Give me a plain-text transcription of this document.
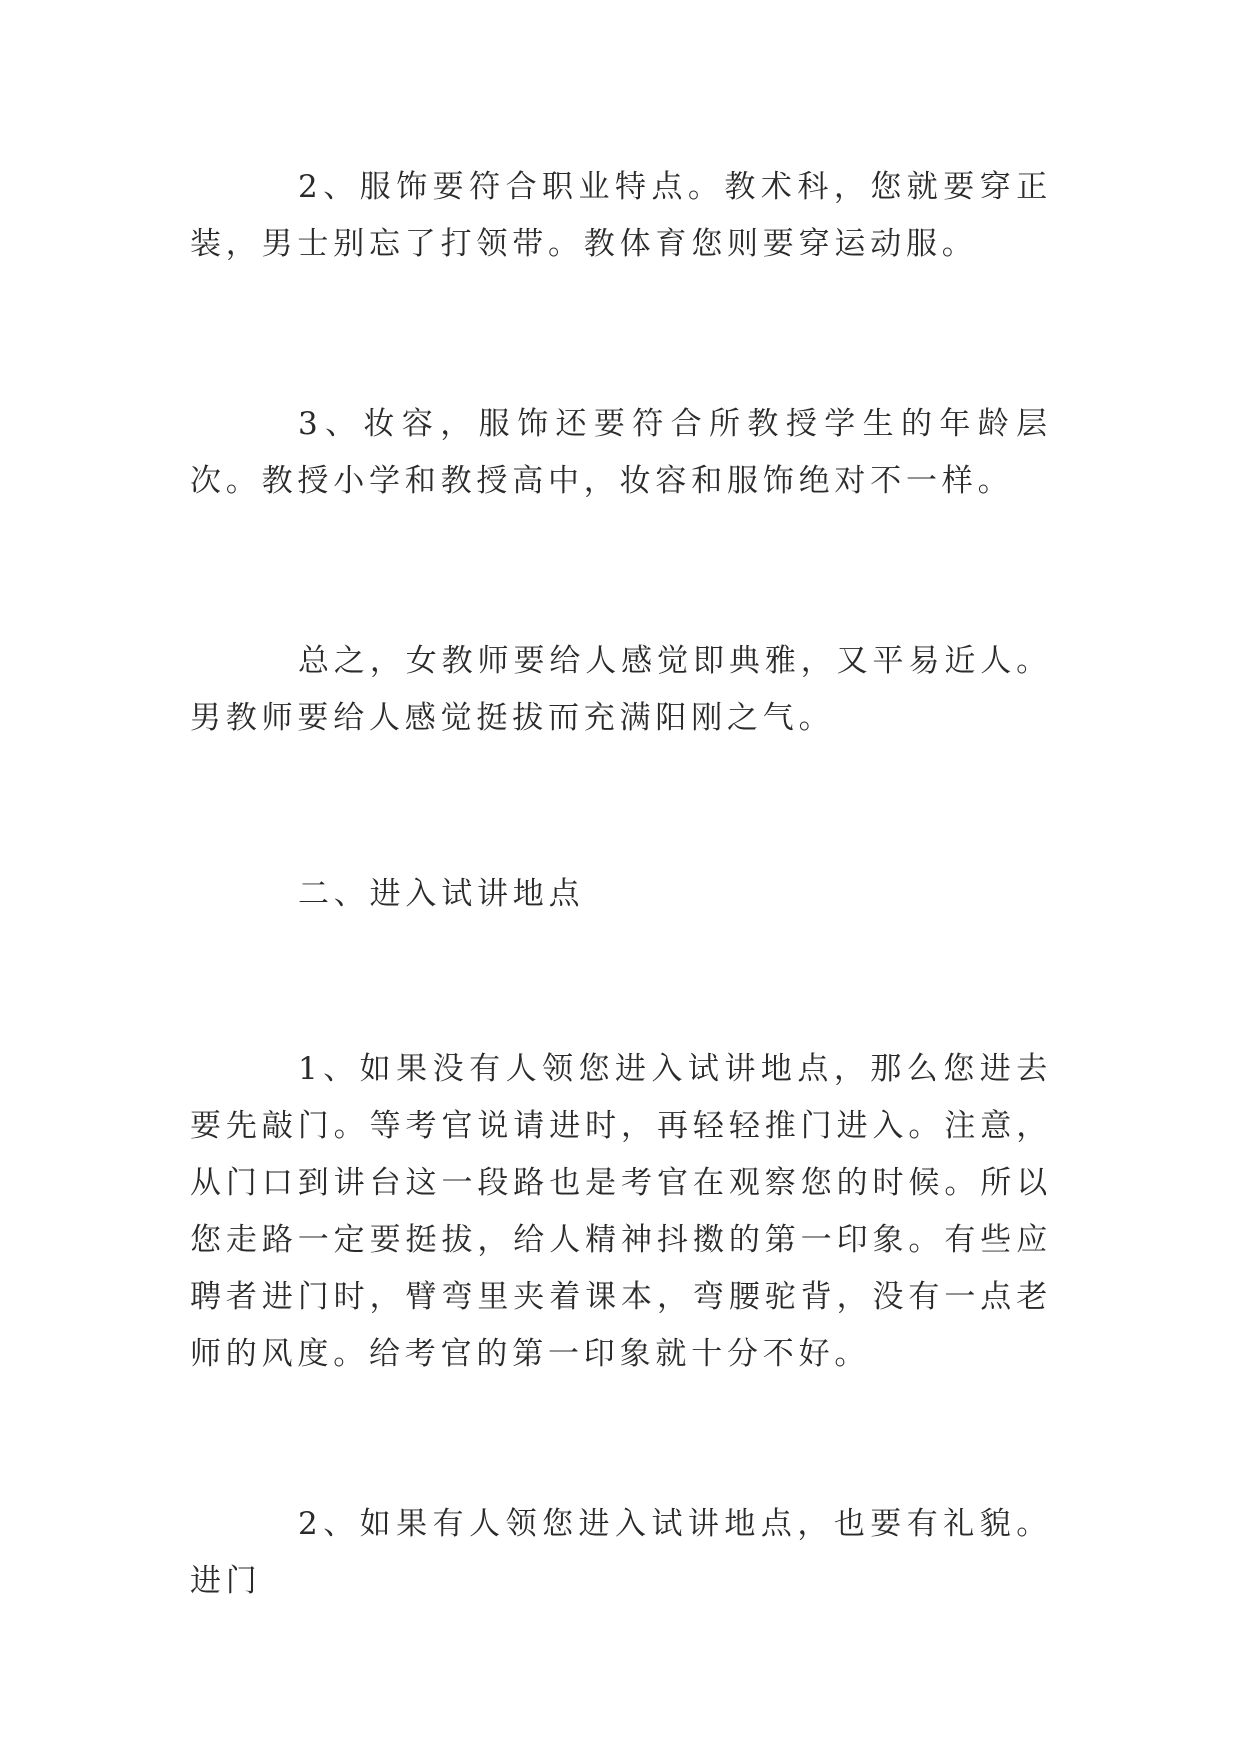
2、服饰要符合职业特点。教术科，您就要穿正装，男士别忘了打领带。教体育您则要穿运动服。

3、妆容，服饰还要符合所教授学生的年龄层次。教授小学和教授高中，妆容和服饰绝对不一样。

总之，女教师要给人感觉即典雅，又平易近人。男教师要给人感觉挺拔而充满阳刚之气。

二、进入试讲地点

1、如果没有人领您进入试讲地点，那么您进去要先敲门。等考官说请进时，再轻轻推门进入。注意，从门口到讲台这一段路也是考官在观察您的时候。所以您走路一定要挺拔，给人精神抖擞的第一印象。有些应聘者进门时，臂弯里夹着课本，弯腰驼背，没有一点老师的风度。给考官的第一印象就十分不好。

2、如果有人领您进入试讲地点，也要有礼貌。进门
